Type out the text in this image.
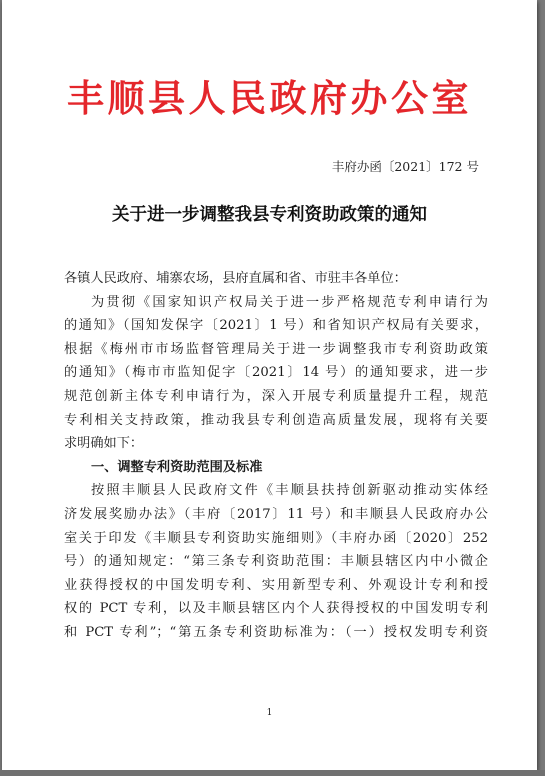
丰顺县人民政府办公室
丰府办函〔2021〕172 号
关于进一步调整我县专利资助政策的通知
各镇人民政府、埔寨农场，县府直属和省、市驻丰各单位：
为贯彻《国家知识产权局关于进一步严格规范专利申请行为
的通知》（国知发保字〔2021〕1 号）和省知识产权局有关要求，
根据《梅州市市场监督管理局关于进一步调整我市专利资助政策
的通知》（梅市市监知促字〔2021〕14 号）的通知要求，进一步
规范创新主体专利申请行为，深入开展专利质量提升工程，规范
专利相关支持政策，推动我县专利创造高质量发展，现将有关要
求明确如下：
一、调整专利资助范围及标准
按照丰顺县人民政府文件《丰顺县扶持创新驱动推动实体经
济发展奖励办法》（丰府〔2017〕11 号）和丰顺县人民政府办公
室关于印发《丰顺县专利资助实施细则》（丰府办函〔2020〕252
号）的通知规定：“第三条专利资助范围：丰顺县辖区内中小微企
业获得授权的中国发明专利、实用新型专利、外观设计专利和授
权的 PCT 专利，以及丰顺县辖区内个人获得授权的中国发明专利
和 PCT 专利”；“第五条专利资助标准为：（一）授权发明专利资
1
